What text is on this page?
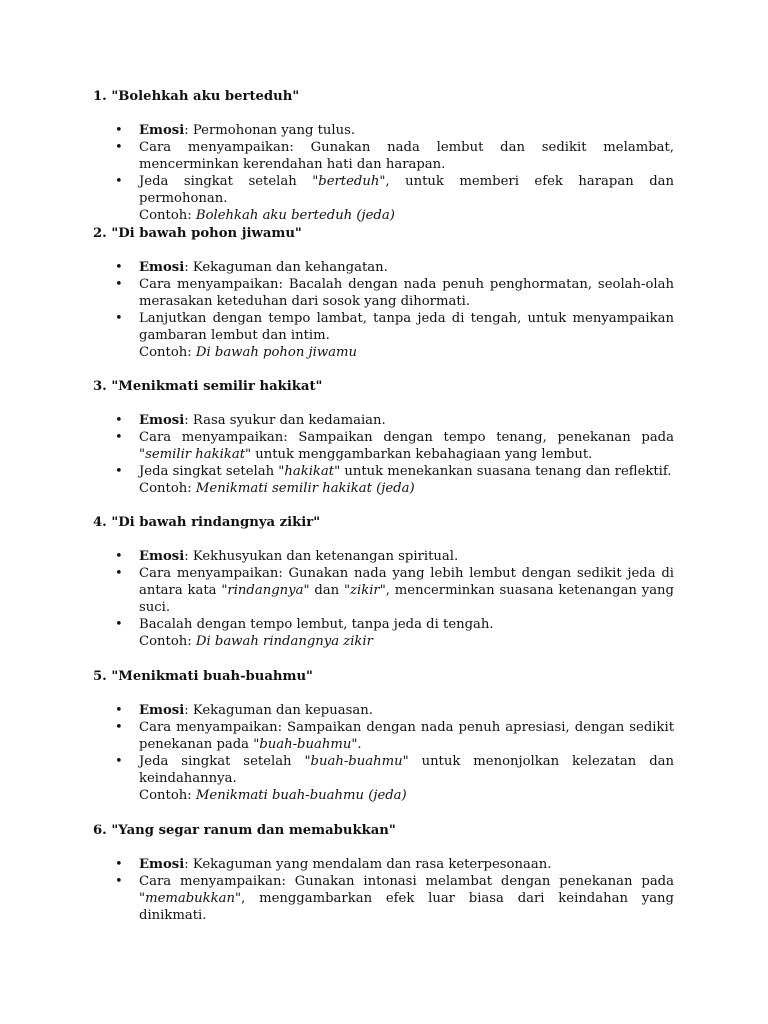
1. "Bolehkah aku berteduh"
• Emosi: Permohonan yang tulus.
• Cara menyampaikan: Gunakan nada lembut dan sedikit melambat, mencerminkan kerendahan hati dan harapan.
• Jeda singkat setelah "berteduh", untuk memberi efek harapan dan permohonan.
Contoh: Bolehkah aku berteduh (jeda)
2. "Di bawah pohon jiwamu"
• Emosi: Kekaguman dan kehangatan.
• Cara menyampaikan: Bacalah dengan nada penuh penghormatan, seolah-olah merasakan keteduhan dari sosok yang dihormati.
• Lanjutkan dengan tempo lambat, tanpa jeda di tengah, untuk menyampaikan gambaran lembut dan intim.
Contoh: Di bawah pohon jiwamu
3. "Menikmati semilir hakikat"
• Emosi: Rasa syukur dan kedamaian.
• Cara menyampaikan: Sampaikan dengan tempo tenang, penekanan pada "semilir hakikat" untuk menggambarkan kebahagiaan yang lembut.
• Jeda singkat setelah "hakikat" untuk menekankan suasana tenang dan reflektif.
Contoh: Menikmati semilir hakikat (jeda)
4. "Di bawah rindangnya zikir"
• Emosi: Kekhusyukan dan ketenangan spiritual.
• Cara menyampaikan: Gunakan nada yang lebih lembut dengan sedikit jeda di antara kata "rindangnya" dan "zikir", mencerminkan suasana ketenangan yang suci.
• Bacalah dengan tempo lembut, tanpa jeda di tengah.
Contoh: Di bawah rindangnya zikir
5. "Menikmati buah-buahmu"
• Emosi: Kekaguman dan kepuasan.
• Cara menyampaikan: Sampaikan dengan nada penuh apresiasi, dengan sedikit penekanan pada "buah-buahmu".
• Jeda singkat setelah "buah-buahmu" untuk menonjolkan kelezatan dan keindahannya.
Contoh: Menikmati buah-buahmu (jeda)
6. "Yang segar ranum dan memabukkan"
• Emosi: Kekaguman yang mendalam dan rasa keterpesonaan.
• Cara menyampaikan: Gunakan intonasi melambat dengan penekanan pada "memabukkan", menggambarkan efek luar biasa dari keindahan yang dinikmati.
